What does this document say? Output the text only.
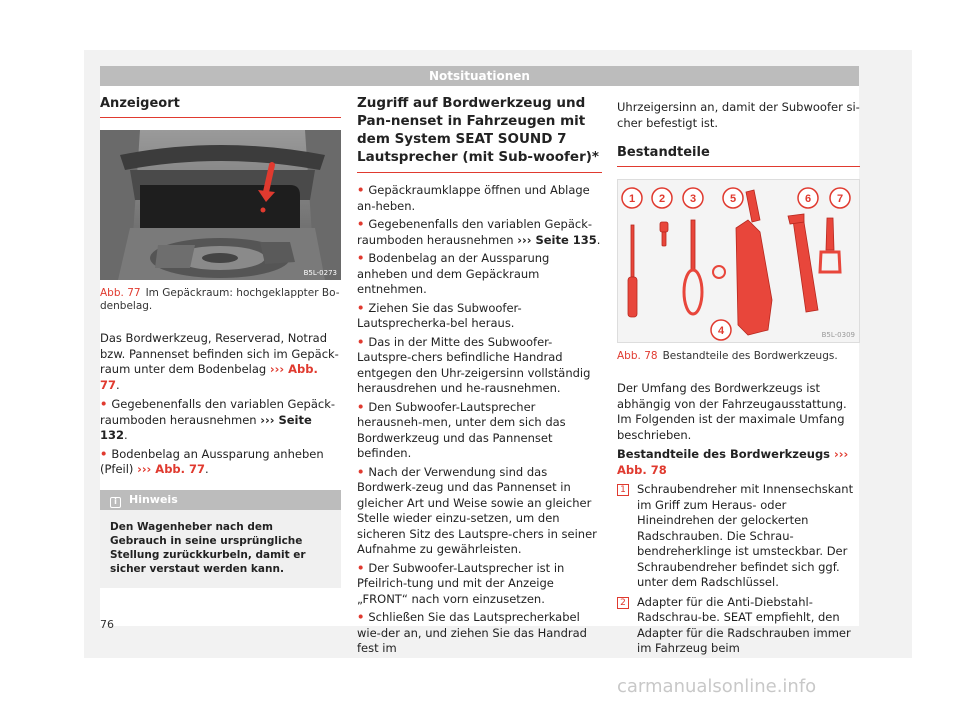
Notsituationen
Anzeigeort
B5L-0273
Abb. 77 Im Gepäckraum: hochgeklappter Bo-denbelag.

Das Bordwerkzeug, Reserverad, Notrad bzw. Pannenset befinden sich im Gepäck-raum unter dem Bodenbelag ››› Abb. 77.

• Gegebenenfalls den variablen Gepäck-raumboden herausnehmen ››› Seite 132.
• Bodenbelag an Aussparung anheben (Pfeil) ››› Abb. 77.
i Hinweis
Den Wagenheber nach dem Gebrauch in seine ursprüngliche Stellung zurückkurbeln, damit er sicher verstaut werden kann.
Zugriff auf Bordwerkzeug und Pan-nenset in Fahrzeugen mit dem System SEAT SOUND 7 Lautsprecher (mit Sub-woofer)*
• Gepäckraumklappe öffnen und Ablage an-heben.
• Gegebenenfalls den variablen Gepäck-raumboden herausnehmen ››› Seite 135.
• Bodenbelag an der Aussparung anheben und dem Gepäckraum entnehmen.
• Ziehen Sie das Subwoofer-Lautsprecherka-bel heraus.
• Das in der Mitte des Subwoofer-Lautspre-chers befindliche Handrad entgegen den Uhr-zeigersinn vollständig herausdrehen und he-rausnehmen.
• Den Subwoofer-Lautsprecher herausneh-men, unter dem sich das Bordwerkzeug und das Pannenset befinden.
• Nach der Verwendung sind das Bordwerk-zeug und das Pannenset in gleicher Art und Weise sowie an gleicher Stelle wieder einzu-setzen, um den sicheren Sitz des Lautspre-chers in seiner Aufnahme zu gewährleisten.
• Der Subwoofer-Lautsprecher ist in Pfeilrich-tung und mit der Anzeige „FRONT“ nach vorn einzusetzen.
• Schließen Sie das Lautsprecherkabel wie-der an, und ziehen Sie das Handrad fest im

Uhrzeigersinn an, damit der Subwoofer si-cher befestigt ist.

Bestandteile
1 2 3	5	6 7
4	B5L-0309
Abb. 78 Bestandteile des Bordwerkzeugs.

Der Umfang des Bordwerkzeugs ist abhängig von der Fahrzeugausstattung. Im Folgenden ist der maximale Umfang beschrieben.

Bestandteile des Bordwerkzeugs ››› Abb. 78

1 Schraubendreher mit Innensechskant im Griff zum Heraus- oder Hineindrehen der gelockerten Radschrauben. Die Schrau-bendreherklinge ist umsteckbar. Der Schraubendreher befindet sich ggf. unter dem Radschlüssel.
2 Adapter für die Anti-Diebstahl-Radschrau-be. SEAT empfiehlt, den Adapter für die Radschrauben immer im Fahrzeug beim
76
carmanualsonline.info
